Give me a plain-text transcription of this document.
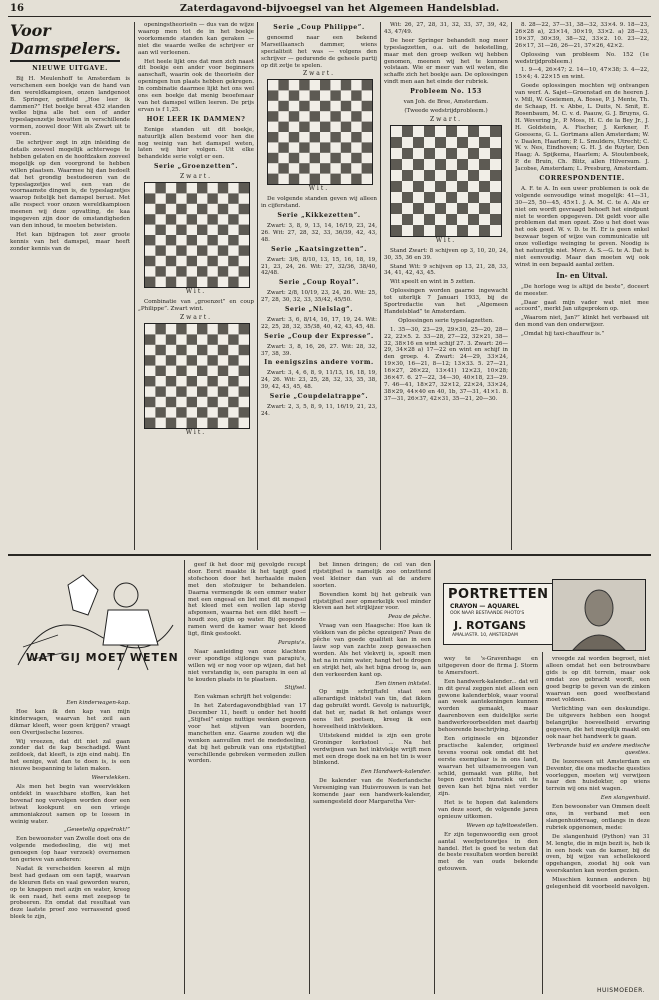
16	Zaterdagavond-bijvoegsel van het Algemeen Handelsblad.
Voor Damspelers.
NIEUWE UITGAVE.

Bij H. Meulenhoff te Amsterdam is verschenen een boekje van de hand van den wereldkampioen, onzen landgenoot B. Springer, getiteld „Hoe leer ik dammen?” Het boekje bevat 452 standen welke bijna alle het een of ander typeslagenzetje bevatten in verschillende vormen, zoowel door Wit als Zwart uit te voeren.

De schrijver zegt in zijn inleiding de details zooveel mogelijk achterwege te hebben gelaten en de hoofdzaken zooveel mogelijk op den voorgrond te hebben willen plaatsen. Waarmee hij dan bedoelt dat het grondig bestudeeren van de typeslagzetjes wel een van de voornaamste dingen is, de typeslagzetjes waarop feitelijk het damspel berust. Met alle respect voor onzen wereldkampioen meenen wij deze opvatting, de kaa ingegeven zijn door de omstandigheden van den inhoud, te moeten betwisten.

Het kan bijdragen tot zeer groote kennis van het damspel, maar heeft zonder kennis van de

openingstheorieën — dus van de wijze waarop men tot de in het boekje voorkomende standen kan geraken — niet die waarde welke de schrijver er aan wil verleenen.

Het heele lijkt ons dat men zich naast dit boekje een ander voor beginners aanschaft, waarin ook de theorieën der openingen hun plaats hebben gekregen. In combinatie daarmee lijkt het ons wel ons een boekje dat menig beoefenaar van het damspel willen leeren. De prijs ervan is f 1,25.

HOE LEER IK DAMMEN?

Eenige standen uit dit boekje, natuurlijk allen bestemd voor hen die nog weinig van het damspel weten, laten wij hier volgen. Uit elke behandelde serie volgt er een.

Serie „Groenzetten”.
Zwart.
Wit.

Combinatie van „groenzet” en coup „Philippe”. Zwart wint.

Zwart.
Wit.
Serie „Coup Philippe”.

genoemd naar een bekend Marseillaansch dammer, wiens specialiteit het was — volgens den schrijver — gedurende de geheele partij op dit zetje te spelen.

Zwart.
Wit.

De volgende standen geven wij alleen in cijferstand.

Serie „Kikkezetten”.

Zwart: 3, 8, 9, 13, 14, 16/19, 23, 24, 26. Wit: 27, 28, 32, 33, 36/39, 42, 43, 48.

Serie „Kaatsingzetten”.

Zwart: 3/6, 8/10, 13, 15, 16, 18, 19, 21, 23, 24, 26. Wit: 27, 32/36, 38/40, 42/48.

Serie „Coup Royal”.

Zwart: 2/8, 10/19, 23, 24, 26. Wit: 25, 27, 28, 30, 32, 33, 35/42, 45/50.

Serie „Nielslag”.

Zwart: 3, 6, 8/14, 16, 17, 19, 24. Wit: 22, 25, 28, 32, 35/38, 40, 42, 43, 45, 48.

Serie „Coup der Expresse”.

Zwart: 3, 8, 16, 26, 27. Wit: 28, 32, 37, 38, 39.

In eenigszins andere vorm.

Zwart: 3, 4, 6, 8, 9, 11/13, 16, 18, 19, 24, 26. Wit: 23, 25, 28, 32, 33, 35, 38, 39, 42, 43, 45, 48.

Serie „Coupdelatrappe”.

Zwart: 2, 3, 5, 8, 9, 11, 16/19, 21, 23, 24.

Wit: 26, 27, 28, 31, 32, 33, 37, 39, 42, 43, 47/49.

De heer Springer behandelt nog meer typeslagzetten, o.a. uit de hekstelling, maar met den groep welken wij hebben genomen, meenen wij het te kunnen volstaan. Wie er meer van wil weten, die schaffe zich het boekje aan. De oplossingen vindt men aan het einde der rubriek.

Probleem No. 153

van Joh. de Bree, Amsterdam.

(Tweede wedstrijdprobleem.)

Zwart.
Wit.

Stand Zwart: 8 schijven op 3, 10, 20, 24, 30, 35, 36 en 39.

Stand Wit: 9 schijven op 13, 21, 28, 33, 34, 41, 42, 43, 45.

Wit speelt en wint in 5 zetten.

Oplossingen worden gaarne ingewacht tot uiterlijk 7 Januari 1933, bij de Sportredactie van het „Algemeen Handelsblad” te Amsterdam.

Oplossingen serie typeslagzetten.

1. 35—30, 23—29, 29×30, 25—20, 28—22, 22×5. 2. 33—28, 27—22, 32×21, 38—32, 38×16 en wint schijf 27. 3. Zwart: 26—29, 34×28 a) 17—22 en wint en schijf in den groep. 4. Zwart: 24—29, 33×24, 19×30, 16—21, 8—12; 13×33. 5. 27—21, 16×27, 26×22, 13×41) 12×23, 10×28; 36×47. 6. 27—22, 34—30, 40×18, 23—29. 7. 46—41, 18×27, 32×12, 22×24, 33×24, 38×29, 44×40 en 40, 1b, 37—31, 41×1. 8. 37—31, 26×37, 42×31, 35—21, 20—30.

8. 28—22, 37—31, 38—32, 33×4. 9. 18—23, 26×28 a), 23×14, 30×19, 33×2. a) 28—23, 19×37, 30×39, 38—32, 33×2. 10. 23—22, 26×17, 31—26, 26—21, 37×26, 42×2.

Oplossing van probleem No. 152 (1e wedstrijdprobleem.)

1. 9—4, 26×47; 2. 14—10, 47×38; 3. 4—22, 15×4; 4. 22×15 en wint.

Goede oplossingen mochten wij ontvangen van werf. A. Sajet—Groenstad en de heeren J. v. Mill, W. Goeiemen, A. Bosse, P. J. Mente, Th. de Schaap, H. v. Abbe, L. Duits, N. Smit, E. Rosenbaum, M. C. v. d. Paauw, G. J. Bruyns, G. H. Wevering Jr., P. Moss, H. C. de la Bey Jr., J. H. Goldstein, A. Fischer, J. Kerkner, F. Goessens, G. L. Gortmans allen Amsterdam; W. v. Daalen, Haarlem; P. L. Smulders, Utrecht; C. W. v. Nes, Eindhoven; G. H. J. de Ruyter, Den Haag; A. Spijkema, Haarlem; A. Stoutenbeek, P. de Bruin, Ch. Blitz, allen Hilversum. J. Jacobse, Amsterdam; L. Presburg, Amsterdam.

CORRESPONDENTIE.

A. F. te A. In een uwer problemen is ook de volgende eenvoudige winst mogelijk: 41—31, 30—25, 50—45, 45×1. J. A. M. C. te A. Als er niet om wordt gevraagd behoeft het eindpunt niet te worden opgegeven. Dit geldt voor alle problemen dat men opzet. Zoo u het doet was het ook goed. W. v. D. te H. Er is geen enkel bezwaar tegen of wijze van communicatie uit onze volledige weinging te geven. Noodig is het natuurlijk niet. Mevr. A. S.—G. te A. Dat is niet eenvoudig. Maar dan moeten wij ook winst in een bepaald aantal zetten.

In- en Uitval.

„De horloge weg is altijd de beste”, doceert de meester.

„Daar gaat mijn vader wat niet mee accoord”, merkt Jan uitgeproken op.

„Waarom niet, Jan?” klinkt het verbaasd uit den mond van den onderwijzer.

„Omdat hij taxi-chauffeur is.”

WAT GIJ MOET WETEN

Een kinderwagen-kap.

Hoe kan ik den kap van mijn kinderwagen, waarvan het zeil aan dikmar kleeft, weer goen krijgen? vraagt een Overijselsche lezeres.

Wij vreezen, dat dit niet zal gaan zonder dat de kap beschadigd. Want zeildoek, dat kleeft, is zijn eind nabij. En het eenige, wat dan te doen is, is een nieuwe bespanning te laten maken.

Weervlekken.

Als men het begin van weervlekken ontdekt in waschbare stoffen, kan het bovenaf nog vervolgen worden door een ietwat kookpunt en een vriesje ammoniakzout samen op te lossen in weinig water.

„Gewetelig opgetrokt!”

Een bewoonster van Zwolle doet ons de volgende mededeeling, die wij met genoegen (op haar verzoek) overnemen ten gerieve van anderen:

Nadat ik verscheiden keeren al mijn best had gedaan om een tapijt, waarvan de kleuren flets en vaal geworden waren, op te knappen met azijn en water, kreeg ik een raad, het eens met zeepsop te probeeren. En omdat dat resultaat van deze laatste proef zoo verrassend goed bleek te zijn,

geef ik het door mij gevolgde recept door. Eerst maakte ik het tapijt goed stofschoon door het herhaalde malen met den stofzuiger te behandelen. Daarna vermengde ik een emmer water met een ongesal en liet met dit mengsel het kleed met een wollen lap stevig afsponsen, waarna het een dikt heeft — houdt zoo, gtijn op water. Bij geopende ramen werd de kamer waar het kleed ligt, flink gestookt.

Parapiu's.

Naar aanleiding van onze klachten over spondige stijlonge van parapiu's, willen wij er nog voor op wijzen, dat het niet verstandig is, een parapiu in een al te kouden plaats in te plaatsen.

Stijfsel.

Een vakman schrijft het volgende:

In het Zaterdagavondbijblad van 17 December 11, heeft u onder het hoofd „Stijfsel” enige nuttige wenken gegeven voor het stijven van boorden, manchetten enz. Gaarne zouden wij die wenken aanvullen met de mededeeling, dat bij het gebruik van ons rijststijfsel verschillende gebreken vermeden zullen worden.

bet linnen dringen; de cel van den rijststijfsel is namelijk zoo ontzettend veel kleiner dan van al de andere soorten.

Bovendien komt bij het gebruik van rijststijfsel zeer opmerkelijk veel minder kleven aan het strijkijzer voor.

Peau de pêche.

Vraag van een Haagsche: Hoe kan ik vlekken van de pêche opzuigen? Peau de pêche van goede qualiteit kan in een lauw sop van zachte zeep gewasschen worden. Als het vlekvrij is, spoelt men het na in ruim water, hangt het te drogen en strijkt het, als het bijna droog is, aan den verkeerden kant op.

Een tinnen inktstel.

Op mijn schrijftafel staat een allerardigst inktstel van tin, dat ikken dag gebruikt wordt. Gevolg is natuurlijk, dat het er, nadat ik het onlangs weer eens liet poetsen, kreeg ik een hoeveelheid inktvlekken.

Uitstekend middel is zijn een grote Groninger kerkstoel ... Na het verdwijnen van het inktvlekje wrijft men met een droge doek na en het tin is weer blinkend.

Een Handwerk-kalender.

De kalender van de Nederlandsche Vereeniging van Huisvrouwen is van het komende jaar een handwerk-kalender, samengesteld door Margaretha Ver-

PORTRETTEN
CRAYON — AQUAREL
OOK NAAR BESTAANDE PHOTO'S
J. ROTGANS
AMALIASTR. 10, AMSTERDAM

wey te 's-Gravenhage en uitgegeven door de firma J. Storm te Amersfoort.

Een handwerk-kalender... dat wil in dit geval zeggen niet alleen een gewone kalenderblok, waar vooral aan week aantekeningen kunnen worden gemaakt, maar daarenboven een duidelijke serie handwerkvoorbeelden met daarbij behoorende beschrijving.

Een origineele en bijzonder practische kalender, origineel tevens voorai ook omdat dit het eerste exemplaar is in ons land, waarvan het uitsamenvoegen van schild, gemaakt van plilte, het tegen gewicht hunstiek uit te geven kan het bijna niet verder zijn.

Het is te hopen dat kalenders van deze soort, de volgende jaren opnieuw uitkomen.

Weven op tafeltoestellen.

Er zijn tegenwoordig een groot aantal weefgetouwtjes in den handel. Het is goed te weten dat de beste resultaten worden bereikt met de van ouds bekende getouwen.

vreegde zal worden begroet, niet alleen omdat het een betrouwbare gids is op dit terrein, maar ook omdat zoo gebracht wordt, een goed begrip te geven van de zinken waarvan een goed weefbestand moet voldoen.

Verlichting van een deskundige. De uitgevers hebben een hoogst belangrijke hoeveelheid ervaring gegeven, die het mogelijk maakt om ook naar het handwerk te gaan.

Verbrande huid en andere medische questies.

De lezeressen uit Amsterdam en Deventer, die ons medische questies voorleggen, moeten wij verwijzen naar den huisdokter, op wiens terrein wij ons niet wagen.

Een slangenhuid.

Een bewoonster van Ommen deelt ons, in verband met een slangenhuidvraag, ontlangs in deze rubriek opgenomen, mede:

De slangenhuid (Python) van 31 M. lengte, die in mijn bezit is, heb ik in een hoek van de kamer, bij de oven, bij wijze van schellekoord opgehangen, zoodat hij ook van weerskanten kan worden gezien.

Misschien kunnen anderen bij gelegenheid dit voorbeeld navolgen.

HUISMOEDER.
